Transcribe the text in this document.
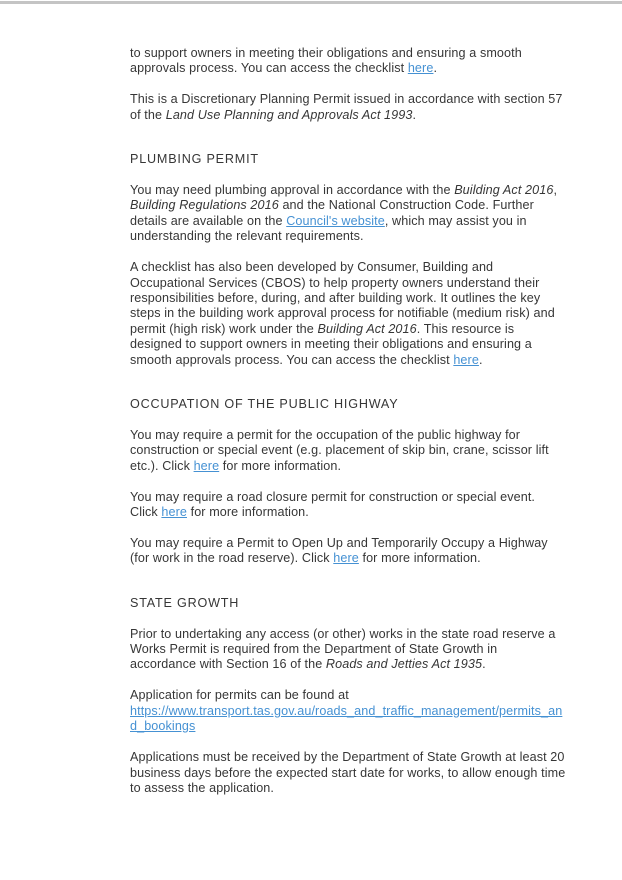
to support owners in meeting their obligations and ensuring a smooth approvals process. You can access the checklist here.

This is a Discretionary Planning Permit issued in accordance with section 57 of the Land Use Planning and Approvals Act 1993.

PLUMBING PERMIT

You may need plumbing approval in accordance with the Building Act 2016, Building Regulations 2016 and the National Construction Code. Further details are available on the Council's website, which may assist you in understanding the relevant requirements.

A checklist has also been developed by Consumer, Building and Occupational Services (CBOS) to help property owners understand their responsibilities before, during, and after building work. It outlines the key steps in the building work approval process for notifiable (medium risk) and permit (high risk) work under the Building Act 2016. This resource is designed to support owners in meeting their obligations and ensuring a smooth approvals process. You can access the checklist here.

OCCUPATION OF THE PUBLIC HIGHWAY

You may require a permit for the occupation of the public highway for construction or special event (e.g. placement of skip bin, crane, scissor lift etc.). Click here for more information.

You may require a road closure permit for construction or special event. Click here for more information.

You may require a Permit to Open Up and Temporarily Occupy a Highway (for work in the road reserve). Click here for more information.

STATE GROWTH

Prior to undertaking any access (or other) works in the state road reserve a Works Permit is required from the Department of State Growth in accordance with Section 16 of the Roads and Jetties Act 1935.

Application for permits can be found at https://www.transport.tas.gov.au/roads_and_traffic_management/permits_and_bookings

Applications must be received by the Department of State Growth at least 20 business days before the expected start date for works, to allow enough time to assess the application.
